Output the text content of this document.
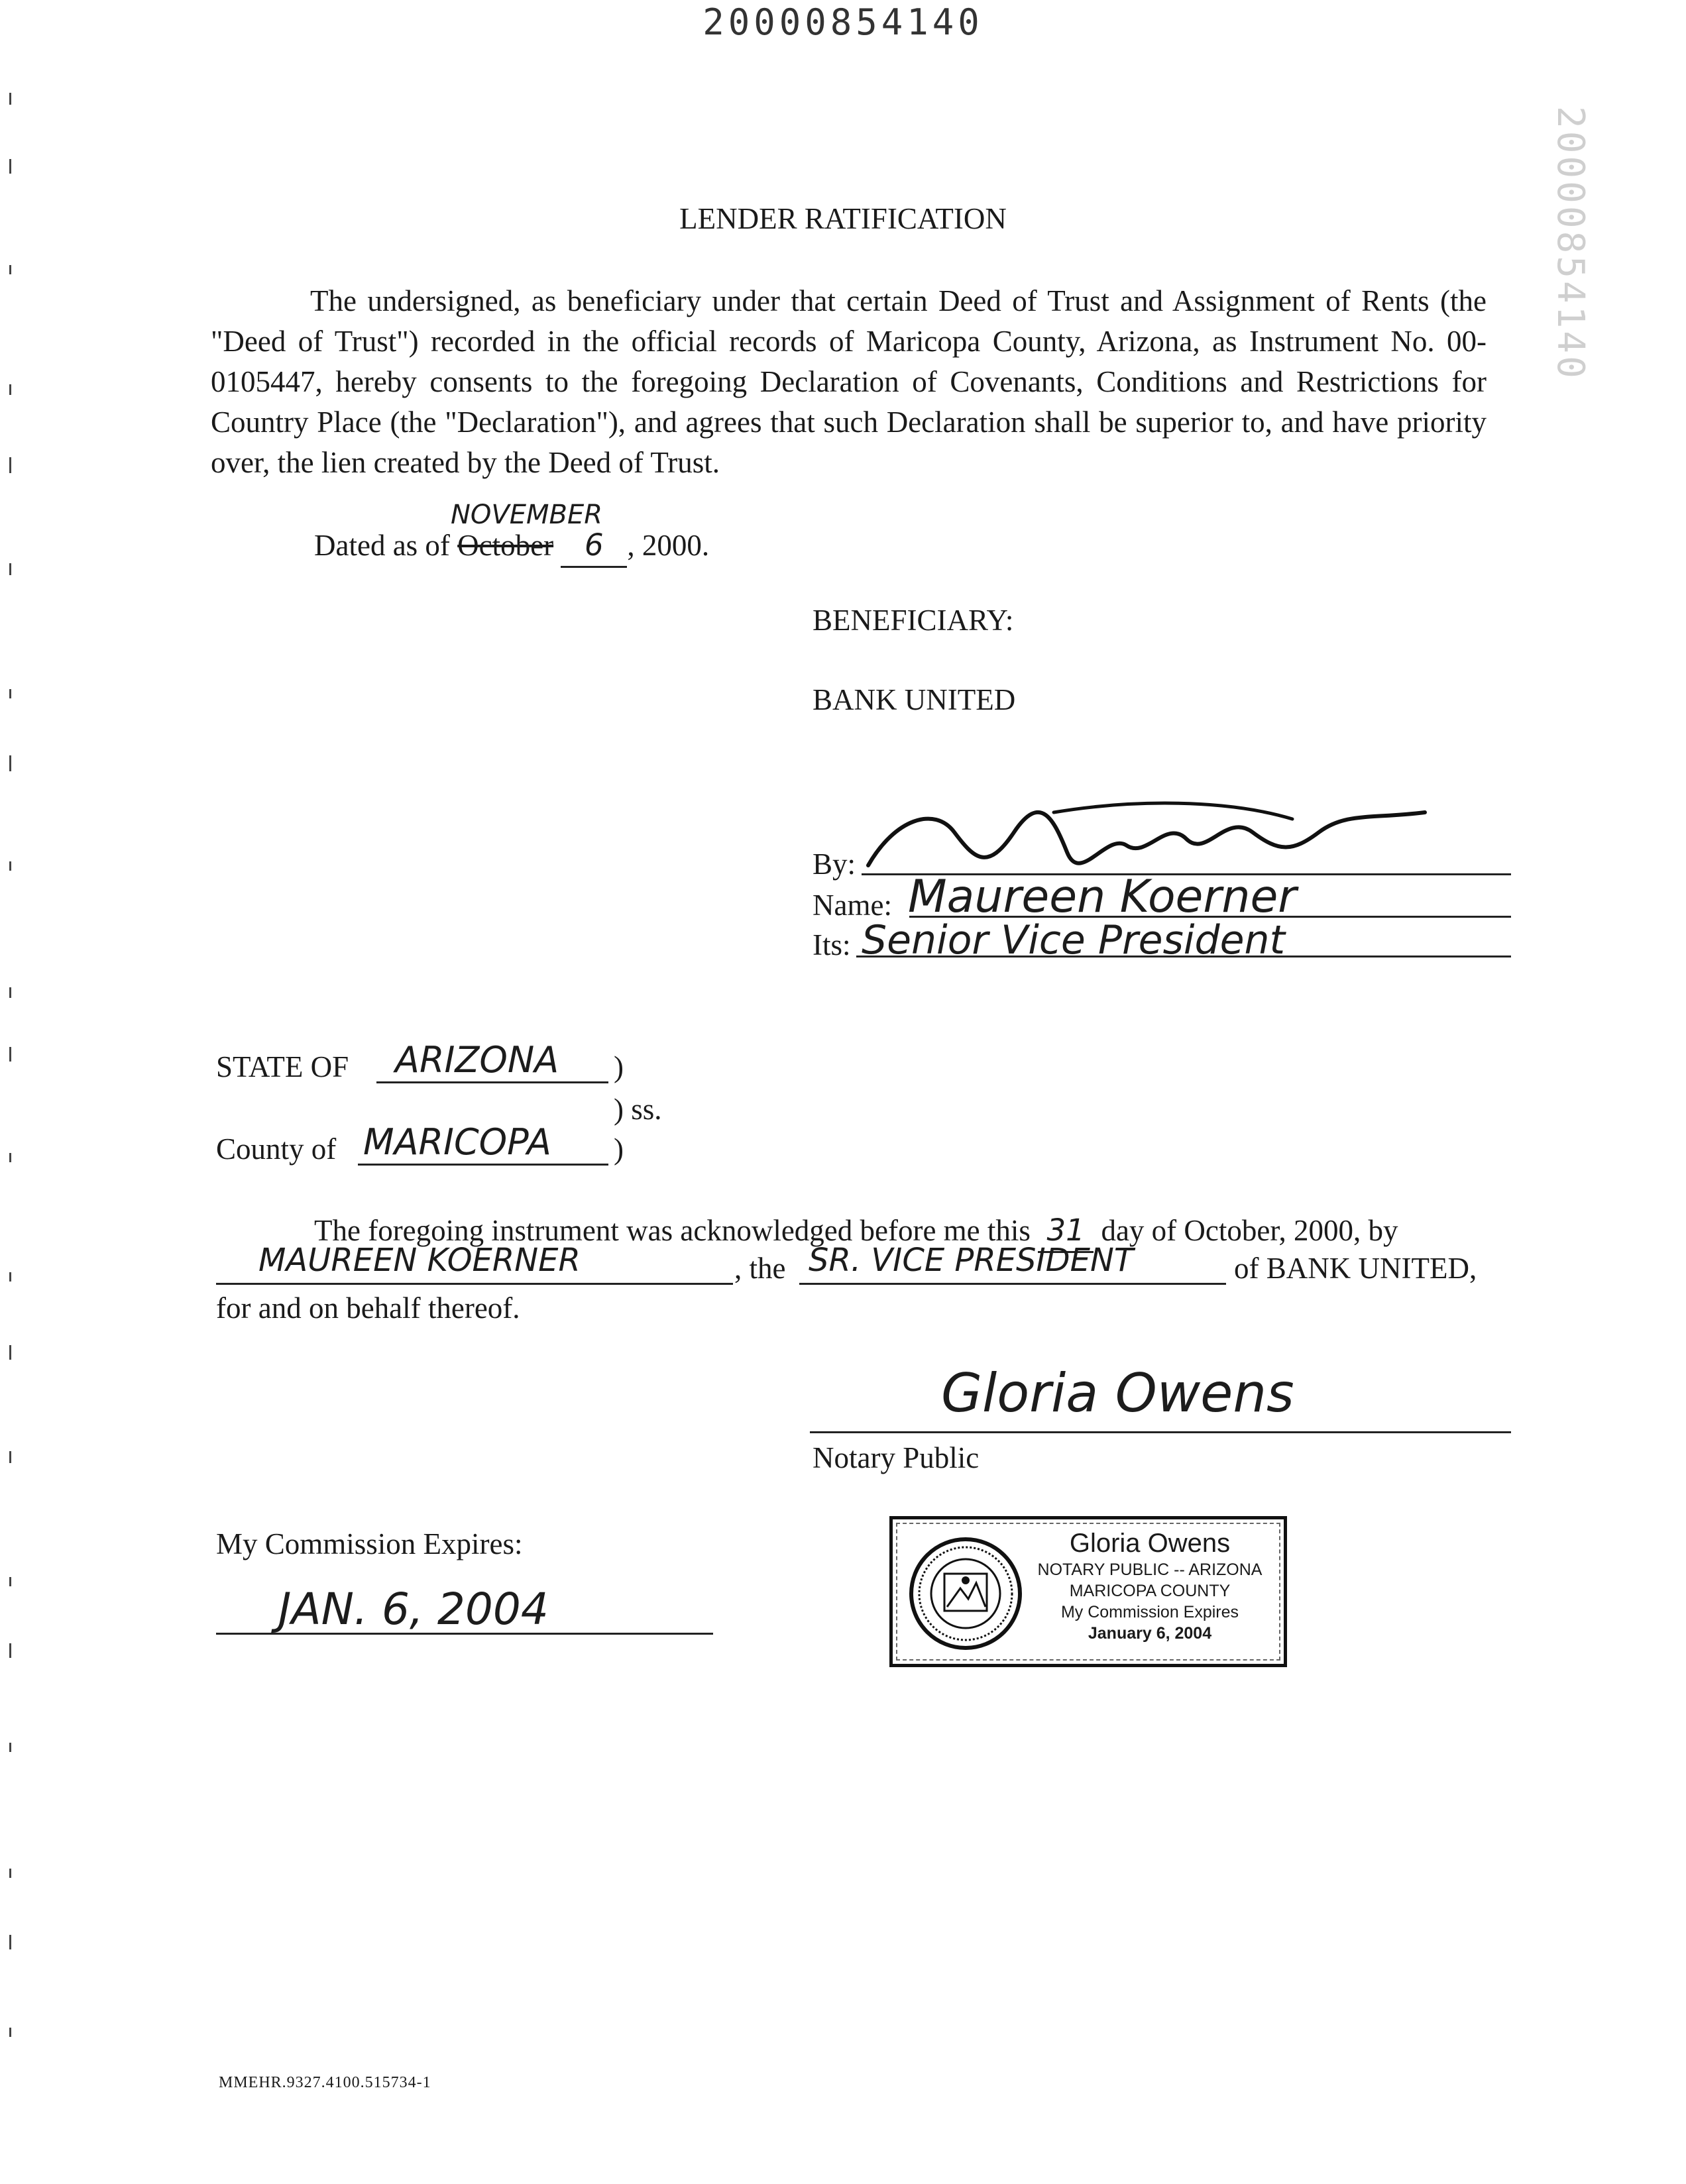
20000854140
20000854140
LENDER RATIFICATION
The undersigned, as beneficiary under that certain Deed of Trust and Assignment of Rents (the "Deed of Trust") recorded in the official records of Maricopa County, Arizona, as Instrument No. 00-0105447, hereby consents to the foregoing Declaration of Covenants, Conditions and Restrictions for Country Place (the "Declaration"), and agrees that such Declaration shall be superior to, and have priority over, the lien created by the Deed of Trust.
NOVEMBER
Dated as of October 6 , 2000.
BENEFICIARY:
BANK UNITED
By:
Name: Maureen Koerner
Its: Senior Vice President
STATE OF ARIZONA )
) ss.
County of MARICOPA )
The foregoing instrument was acknowledged before me this 31 day of October, 2000, by
MAUREEN KOERNER	, the SR. VICE PRESIDENT	of BANK UNITED,
for and on behalf thereof.
Gloria Owens
Notary Public
My Commission Expires:
JAN. 6, 2004
Gloria Owens
NOTARY PUBLIC -- ARIZONA
MARICOPA COUNTY
My Commission Expires
January 6, 2004
MMEHR.9327.4100.515734-1
